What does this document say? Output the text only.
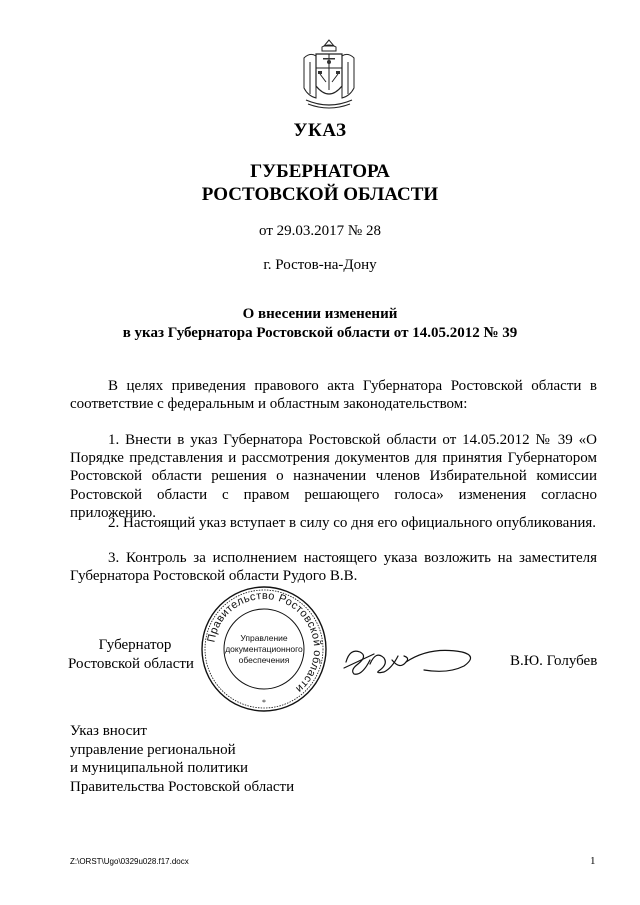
УКАЗ
ГУБЕРНАТОРА
РОСТОВСКОЙ ОБЛАСТИ
от 29.03.2017 № 28
г. Ростов-на-Дону
О внесении изменений
в указ Губернатора Ростовской области от 14.05.2012 № 39
В целях приведения правового акта Губернатора Ростовской области в соответствие с федеральным и областным законодательством:
1. Внести в указ Губернатора Ростовской области от 14.05.2012 № 39 «О Порядке представления и рассмотрения документов для принятия Губернатором Ростовской области решения о назначении членов Избирательной комиссии Ростовской области с правом решающего голоса» изменения согласно приложению.
2. Настоящий указ вступает в силу со дня его официального опубликования.
3. Контроль за исполнением настоящего указа возложить на заместителя Губернатора Ростовской области Рудого В.В.
Губернатор
Ростовской области
Правительство Ростовской области
Управление
документационного
обеспечения
*
В.Ю. Голубев
Указ вносит
управление региональной
и муниципальной политики
Правительства Ростовской области
Z:\ORST\Ugo\0329u028.f17.docx	1
